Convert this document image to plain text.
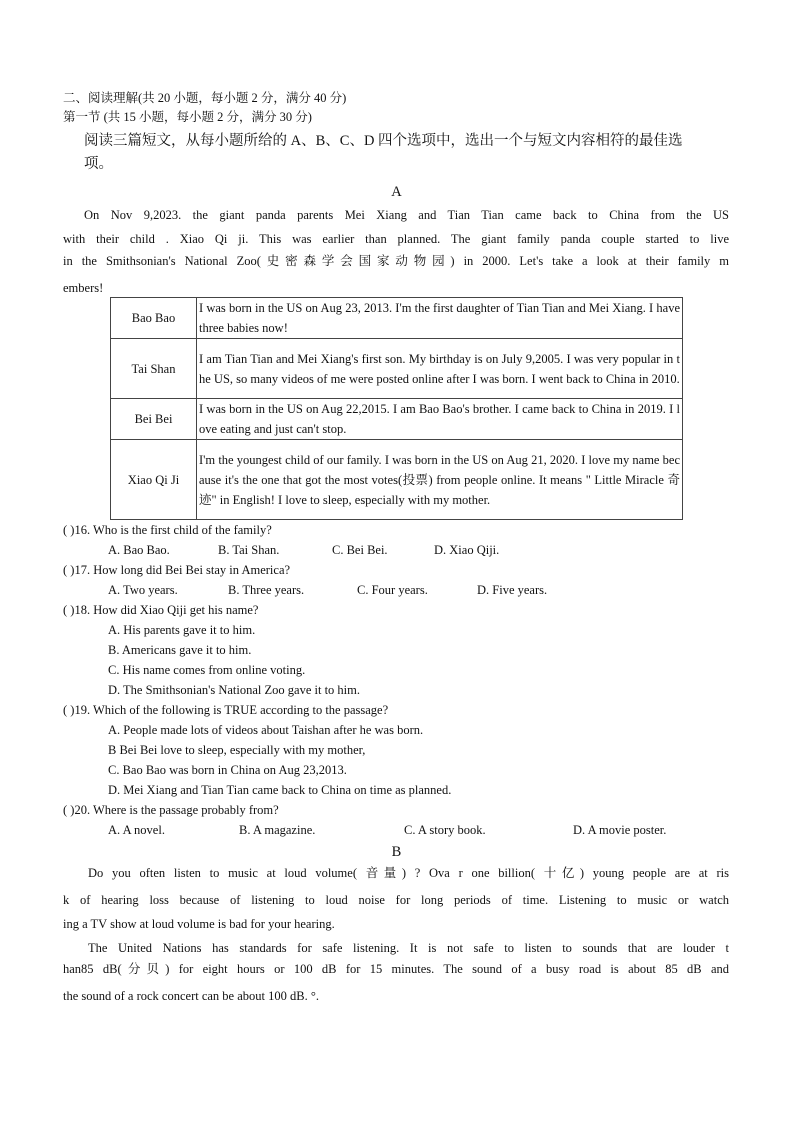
二、阅读理解(共 20 小题，每小题 2 分，满分 40 分)
第一节 (共 15 小题，每小题 2 分，满分 30 分)
阅读三篇短文，从每小题所给的 A、B、C、D 四个选项中，选出一个与短文内容相符的最佳选
项。
A
On Nov 9,2023. the giant panda parents Mei Xiang and Tian Tian came back to China from the US
with their child . Xiao Qi ji. This was earlier than planned. The giant family panda couple started to live
in the Smithsonian's National Zoo(史密森学会国家动物园) in 2000. Let's take a look at their family m
embers!
Bao Bao	I was born in the US on Aug 23, 2013. I'm the first daughter of Tian Tian and Mei Xiang. I have three babies now!
Tai Shan	I am Tian Tian and Mei Xiang's first son. My birthday is on July 9,2005. I was very popular in the US, so many videos of me were posted online after I was born. I went back to China in 2010.
Bei Bei	I was born in the US on Aug 22,2015. I am Bao Bao's brother. I came back to China in 2019. I love eating and just can't stop.
Xiao Qi Ji	I'm the youngest child of our family. I was born in the US on Aug 21, 2020. I love my name because it's the one that got the most votes(投票) from people online. It means " Little Miracle 奇迹" in English! I love to sleep, especially with my mother.
( )16. Who is the first child of the family?
A. Bao Bao.	B. Tai Shan.	C. Bei Bei.	D. Xiao Qiji.
( )17. How long did Bei Bei stay in America?
A. Two years.	B. Three years.	C. Four years.	D. Five years.
( )18. How did Xiao Qiji get his name?
A. His parents gave it to him.
B. Americans gave it to him.
C. His name comes from online voting.
D. The Smithsonian's National Zoo gave it to him.
( )19. Which of the following is TRUE according to the passage?
A. People made lots of videos about Taishan after he was born.
B Bei Bei love to sleep, especially with my mother,
C. Bao Bao was born in China on Aug 23,2013.
D. Mei Xiang and Tian Tian came back to China on time as planned.
( )20. Where is the passage probably from?
A. A novel.	B. A magazine.	C. A story book.	D. A movie poster.
B
Do you often listen to music at loud volume( 音量) ? Ova r one billion( 十亿) young people are at ris
k of hearing loss because of listening to loud noise for long periods of time. Listening to music or watch
ing a TV show at loud volume is bad for your hearing.
The United Nations has standards for safe listening. It is not safe to listen to sounds that are louder t
han85 dB(分贝) for eight hours or 100 dB for 15 minutes. The sound of a busy road is about 85 dB and
the sound of a rock concert can be about 100 dB. °.
